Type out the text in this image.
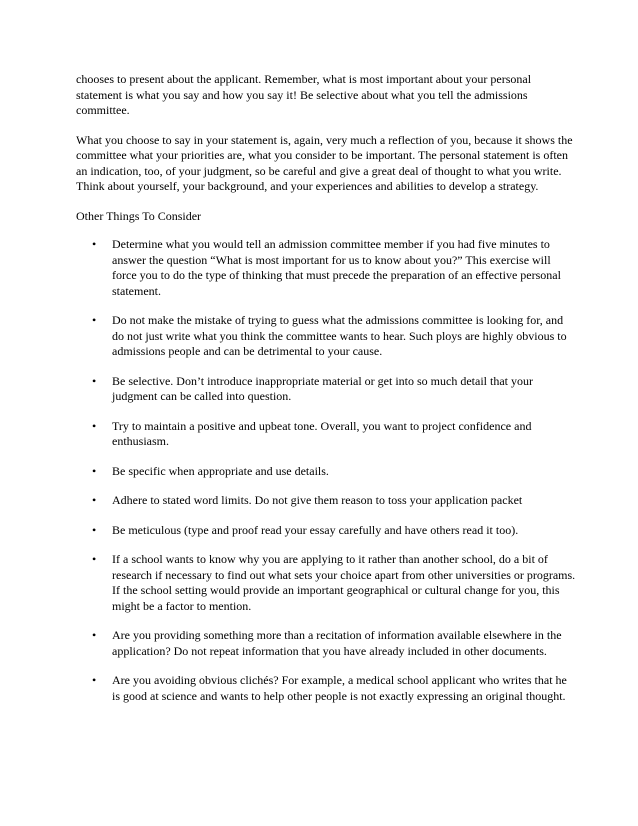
chooses to present about the applicant. Remember, what is most important about your personal statement is what you say and how you say it! Be selective about what you tell the admissions committee.

What you choose to say in your statement is, again, very much a reflection of you, because it shows the committee what your priorities are, what you consider to be important. The personal statement is often an indication, too, of your judgment, so be careful and give a great deal of thought to what you write. Think about yourself, your background, and your experiences and abilities to develop a strategy.

Other Things To Consider

• Determine what you would tell an admission committee member if you had five minutes to answer the question “What is most important for us to know about you?” This exercise will force you to do the type of thinking that must precede the preparation of an effective personal statement.
• Do not make the mistake of trying to guess what the admissions committee is looking for, and do not just write what you think the committee wants to hear. Such ploys are highly obvious to admissions people and can be detrimental to your cause.
• Be selective. Don’t introduce inappropriate material or get into so much detail that your judgment can be called into question.
• Try to maintain a positive and upbeat tone. Overall, you want to project confidence and enthusiasm.
• Be specific when appropriate and use details.
• Adhere to stated word limits. Do not give them reason to toss your application packet
• Be meticulous (type and proof read your essay carefully and have others read it too).
• If a school wants to know why you are applying to it rather than another school, do a bit of research if necessary to find out what sets your choice apart from other universities or programs. If the school setting would provide an important geographical or cultural change for you, this might be a factor to mention.
• Are you providing something more than a recitation of information available elsewhere in the application? Do not repeat information that you have already included in other documents.
• Are you avoiding obvious clichés? For example, a medical school applicant who writes that he is good at science and wants to help other people is not exactly expressing an original thought.
